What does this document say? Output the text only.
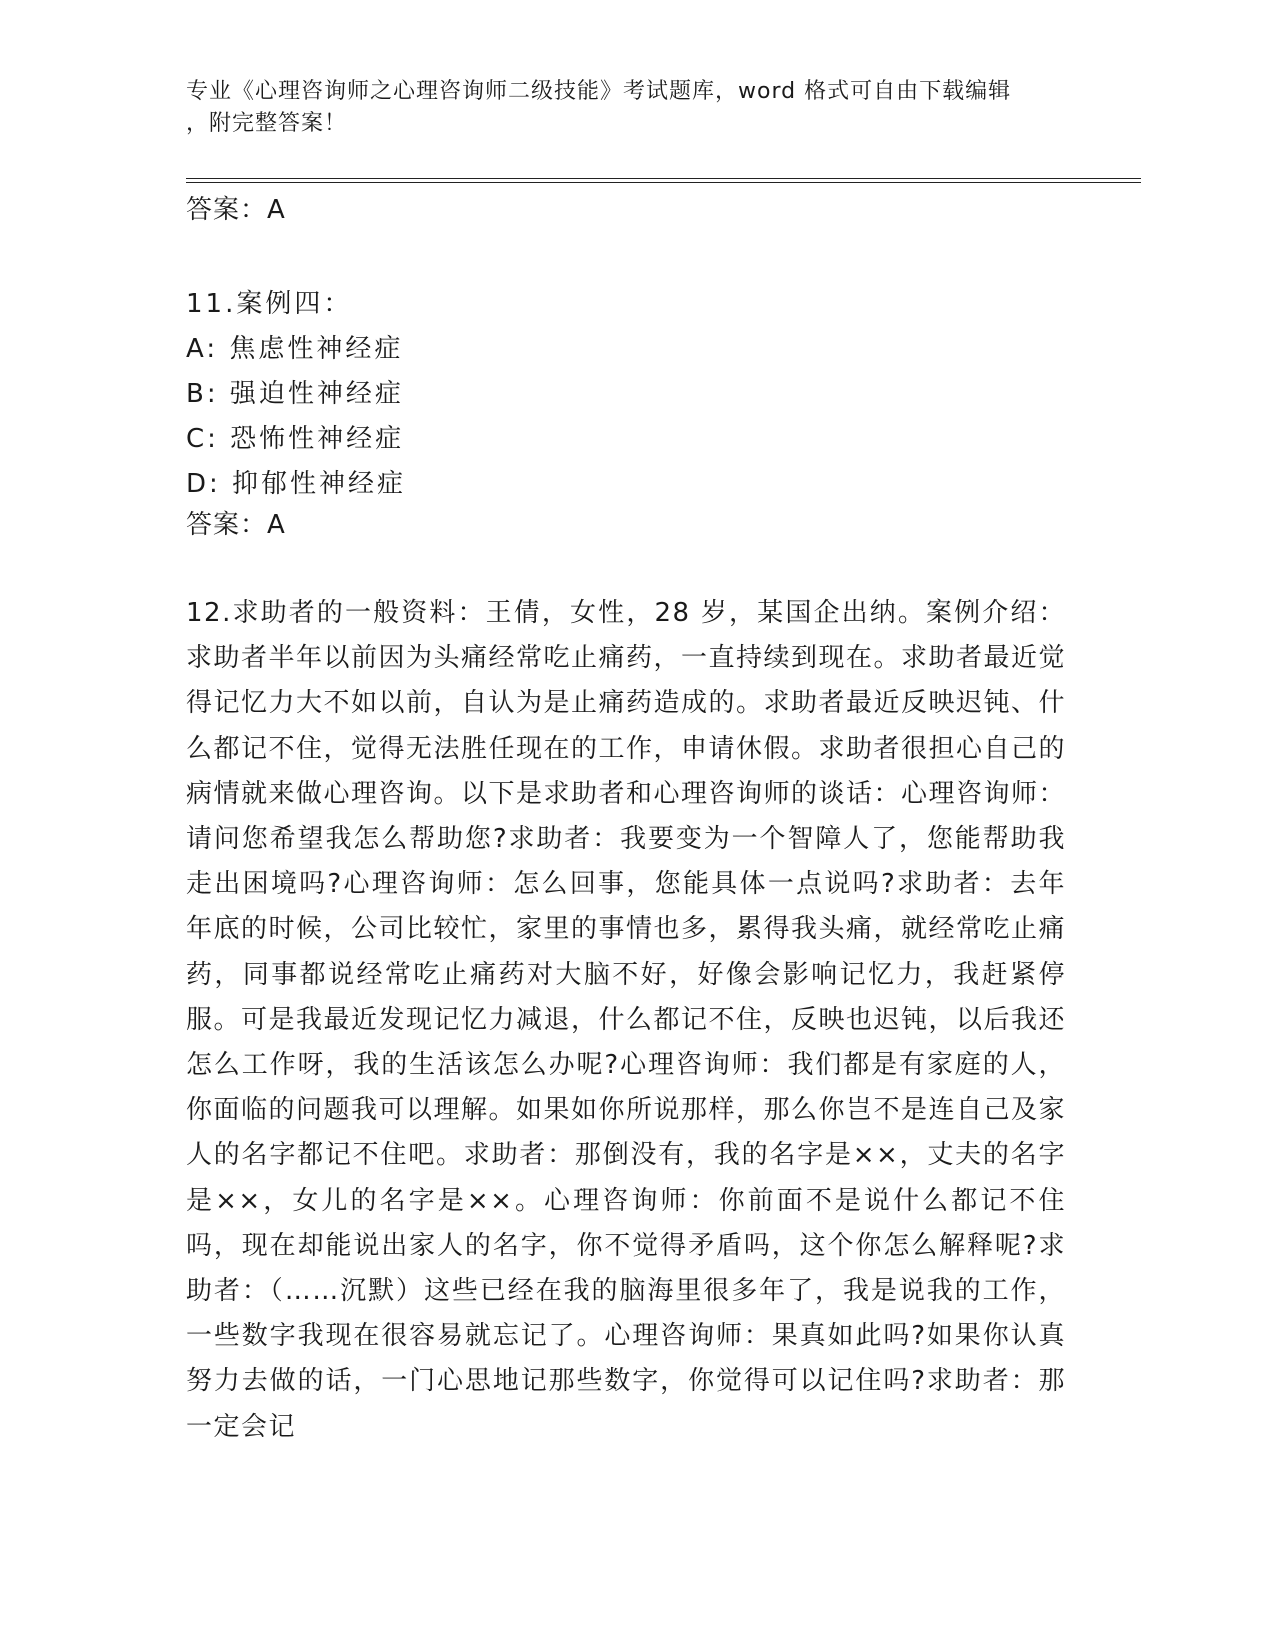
专业《心理咨询师之心理咨询师二级技能》考试题库，word 格式可自由下载编辑
，附完整答案！
答案：A
11.案例四：
A: 焦虑性神经症
B: 强迫性神经症
C: 恐怖性神经症
D: 抑郁性神经症
答案：A
12.求助者的一般资料：王倩，女性，28 岁，某国企出纳。案例介绍：求助者半年以前因为头痛经常吃止痛药，一直持续到现在。求助者最近觉得记忆力大不如以前，自认为是止痛药造成的。求助者最近反映迟钝、什么都记不住，觉得无法胜任现在的工作，申请休假。求助者很担心自己的病情就来做心理咨询。以下是求助者和心理咨询师的谈话：心理咨询师：请问您希望我怎么帮助您?求助者：我要变为一个智障人了，您能帮助我走出困境吗?心理咨询师：怎么回事，您能具体一点说吗?求助者：去年年底的时候，公司比较忙，家里的事情也多，累得我头痛，就经常吃止痛药，同事都说经常吃止痛药对大脑不好，好像会影响记忆力，我赶紧停服。可是我最近发现记忆力减退，什么都记不住，反映也迟钝，以后我还怎么工作呀，我的生活该怎么办呢?心理咨询师：我们都是有家庭的人，你面临的问题我可以理解。如果如你所说那样，那么你岂不是连自己及家人的名字都记不住吧。求助者：那倒没有，我的名字是××，丈夫的名字是××，女儿的名字是××。心理咨询师：你前面不是说什么都记不住吗，现在却能说出家人的名字，你不觉得矛盾吗，这个你怎么解释呢?求助者：（……沉默）这些已经在我的脑海里很多年了，我是说我的工作，一些数字我现在很容易就忘记了。心理咨询师：果真如此吗?如果你认真努力去做的话，一门心思地记那些数字，你觉得可以记住吗?求助者：那一定会记
